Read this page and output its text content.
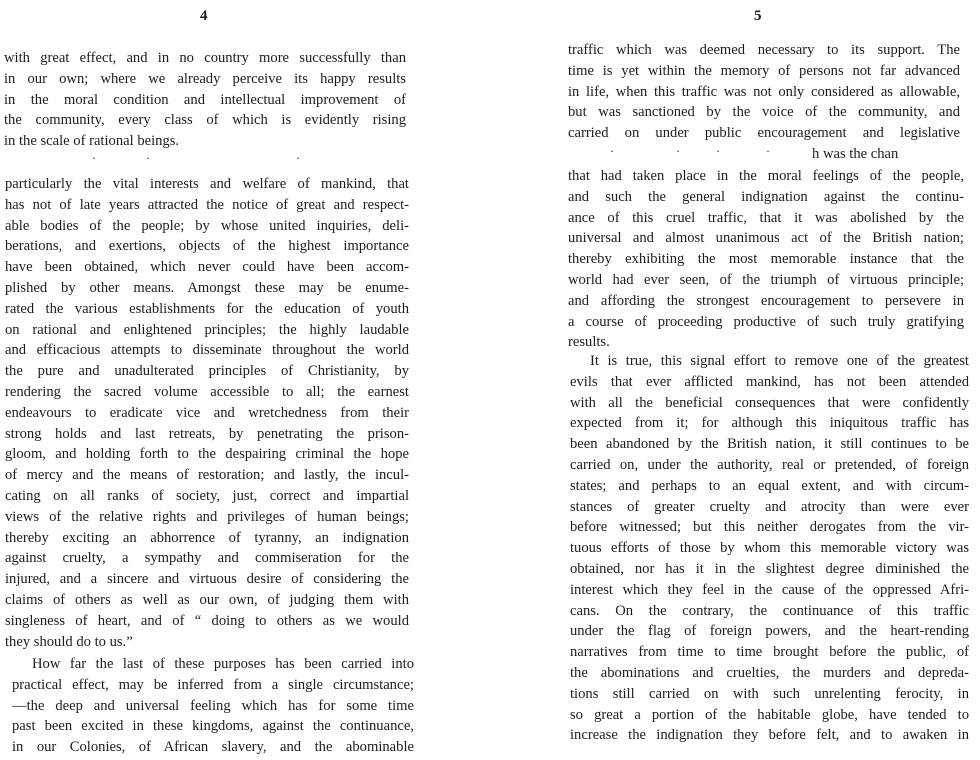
4
with great effect, and in no country more successfully than
in our own; where we already perceive its happy results
in the moral condition and intellectual improvement of
the community, every class of which is evidently rising
in the scale of rational beings.
·	·	·
particularly the vital interests and welfare of mankind, that
has not of late years attracted the notice of great and respect-
able bodies of the people; by whose united inquiries, deli-
berations, and exertions, objects of the highest importance
have been obtained, which never could have been accom-
plished by other means. Amongst these may be enume-
rated the various establishments for the education of youth
on rational and enlightened principles; the highly laudable
and efficacious attempts to disseminate throughout the world
the pure and unadulterated principles of Christianity, by
rendering the sacred volume accessible to all; the earnest
endeavours to eradicate vice and wretchedness from their
strong holds and last retreats, by penetrating the prison-
gloom, and holding forth to the despairing criminal the hope
of mercy and the means of restoration; and lastly, the incul-
cating on all ranks of society, just, correct and impartial
views of the relative rights and privileges of human beings;
thereby exciting an abhorrence of tyranny, an indignation
against cruelty, a sympathy and commiseration for the
injured, and a sincere and virtuous desire of considering the
claims of others as well as our own, of judging them with
singleness of heart, and of “ doing to others as we would
they should do to us.”
How far the last of these purposes has been carried into
practical effect, may be inferred from a single circumstance;
—the deep and universal feeling which has for some time
past been excited in these kingdoms, against the continuance,
in our Colonies, of African slavery, and the abominable
5
traffic which was deemed necessary to its support. The
time is yet within the memory of persons not far advanced
in life, when this traffic was not only considered as allowable,
but was sanctioned by the voice of the community, and
carried on under public encouragement and legislative
·	·	·	·	h was the chan
that had taken place in the moral feelings of the people,
and such the general indignation against the continu-
ance of this cruel traffic, that it was abolished by the
universal and almost unanimous act of the British nation;
thereby exhibiting the most memorable instance that the
world had ever seen, of the triumph of virtuous principle;
and affording the strongest encouragement to persevere in
a course of proceeding productive of such truly gratifying
results.
It is true, this signal effort to remove one of the greatest
evils that ever afflicted mankind, has not been attended
with all the beneficial consequences that were confidently
expected from it; for although this iniquitous traffic has
been abandoned by the British nation, it still continues to be
carried on, under the authority, real or pretended, of foreign
states; and perhaps to an equal extent, and with circum-
stances of greater cruelty and atrocity than were ever
before witnessed; but this neither derogates from the vir-
tuous efforts of those by whom this memorable victory was
obtained, nor has it in the slightest degree diminished the
interest which they feel in the cause of the oppressed Afri-
cans. On the contrary, the continuance of this traffic
under the flag of foreign powers, and the heart-rending
narratives from time to time brought before the public, of
the abominations and cruelties, the murders and depreda-
tions still carried on with such unrelenting ferocity, in
so great a portion of the habitable globe, have tended to
increase the indignation they before felt, and to awaken in
